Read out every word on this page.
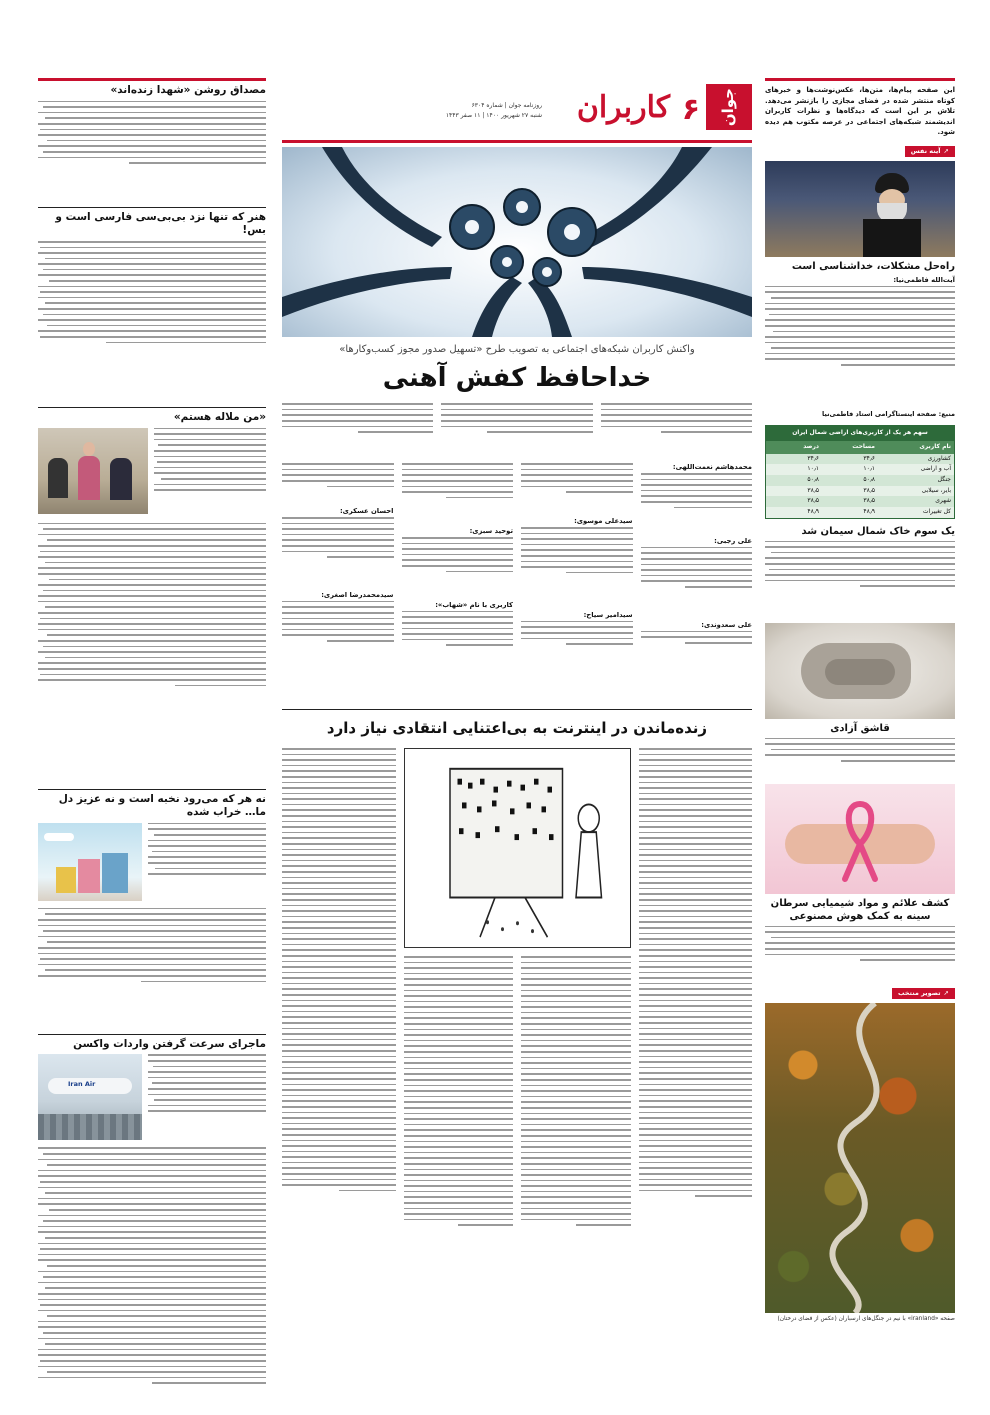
مصداق روشن «شهدا زنده‌اند»
هنر که تنها نزد بی‌بی‌سی فارسی است و بس!
«من ملاله هستم»
نه هر که می‌رود نخبه است و نه عزیز دل ما… خراب شده
ماجرای سرعت گرفتن واردات واکسن
Iran Air
جوان
۶
کاربران
روزنامه جوان | شماره ۶۳۰۴
شنبه ۲۷ شهریور ۱۴۰۰ | ۱۱ صفر ۱۴۴۳
واکنش کاربران شبکه‌های اجتماعی به تصویب طرح «تسهیل صدور مجوز کسب‌وکارها»
خداحافظ کفش آهنی
محمدهاشم نعمت‌اللهی:
علی رجبی:
علی سعدوندی:
سیدعلی موسوی:
سیدامیر سیاح:
توحید سبزی:
کاربری با نام «شهاب»:
احسان عسکری:
سیدمحمدرضا اصغری:
زنده‌ماندن در اینترنت به بی‌اعتنایی انتقادی نیاز دارد
این صفحه پیام‌ها، متن‌ها، عکس‌نوشت‌ها و خبرهای کوتاه منتشر شده در فضای مجازی را بازنشر می‌دهد. تلاش بر این است که دیدگاه‌ها و نظرات کاربران اندیشمند شبکه‌های اجتماعی در عرصه مکتوب هم دیده شود.
➚
آینه نفس
راه‌حل مشکلات، خداشناسی است
آیت‌الله فاطمی‌نیا:
منبع: صفحه اینستاگرامی استاد فاطمی‌نیا
سهم هر یک از کاربری‌های اراضی شمال ایران
نام کاربری
مساحت
درصد
کشاورزی
۳۴٫۶
۳۴٫۶
آب و اراضی
۱۰٫۱
۱۰٫۱
جنگل
۵۰٫۸
۵۰٫۸
بایر، سیلابی
۳۸٫۵
۳۸٫۵
شهری
۳۸٫۵
۳۸٫۵
کل تغییرات
۴۸٫۹
۴۸٫۹
یک سوم خاک شمال سیمان شد
قاشق آزادی
کشف علائم و مواد شیمیایی سرطان سینه به کمک هوش مصنوعی
➚
تصویر منتخب
صفحه «iranland» با نیم در جنگل‌های ارسباران (عکس از فضای درختان)
